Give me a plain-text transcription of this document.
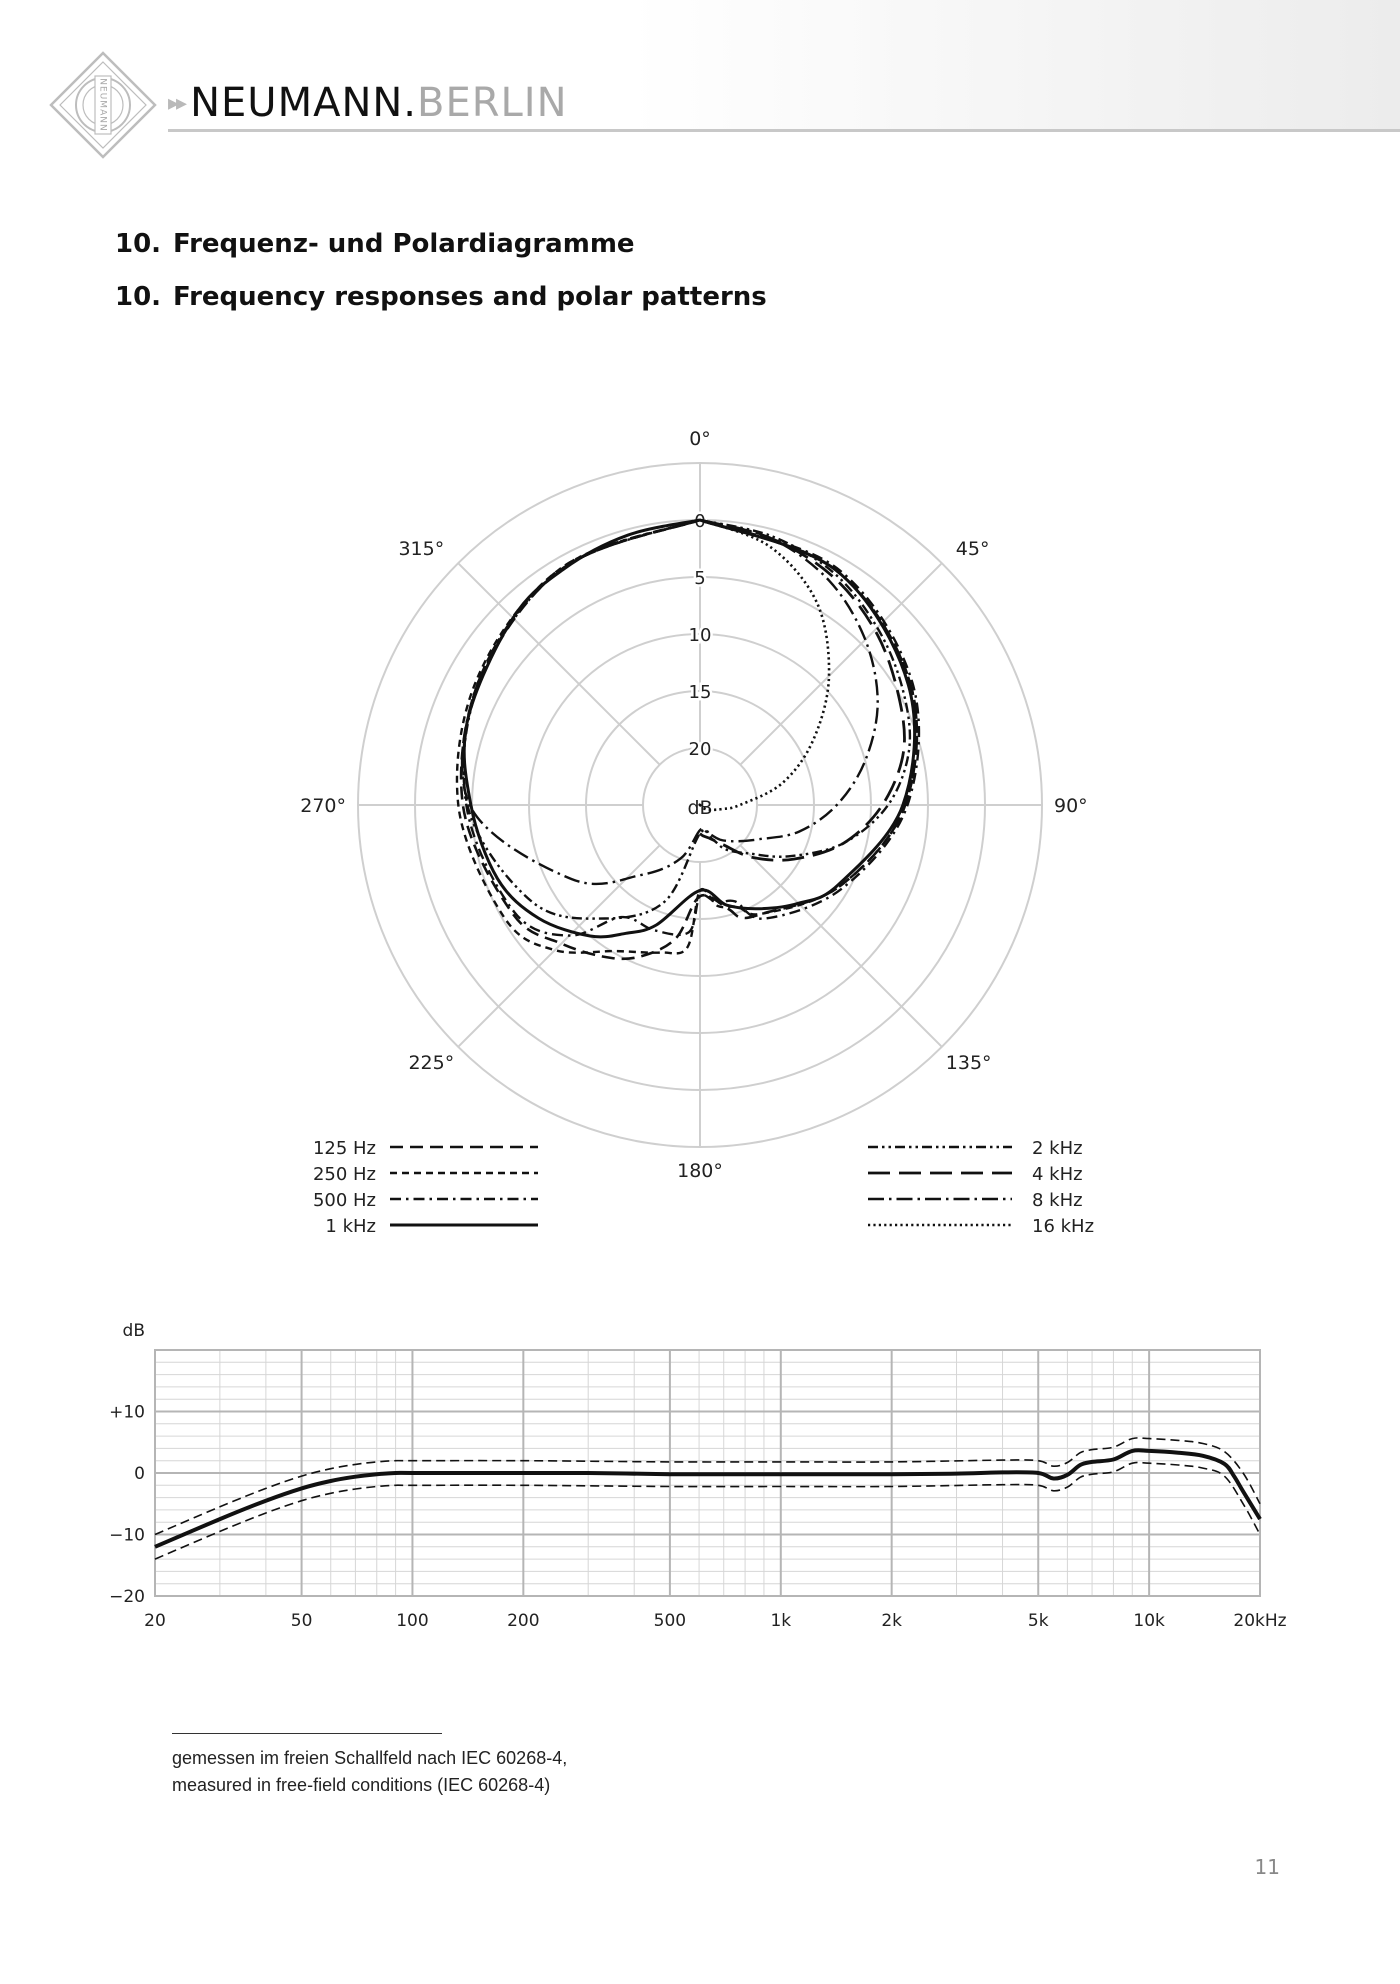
NEUMANN	▸▸ NEUMANN.BERLIN
10. Frequenz- und Polardiagramme
10. Frequency responses and polar patterns
0
5
10
15
20
dB
0°
45°
90°
135°
180°
225°
270°
315°
125 Hz
250 Hz
500 Hz
1 kHz
2 kHz
4 kHz
8 kHz
16 kHz
+10
0
−10
−20
dB
20	50	100	200	500	1k	2k	5k	10k	20kHz
gemessen im freien Schallfeld nach IEC 60268-4,
measured in free-field conditions (IEC 60268-4)
11
